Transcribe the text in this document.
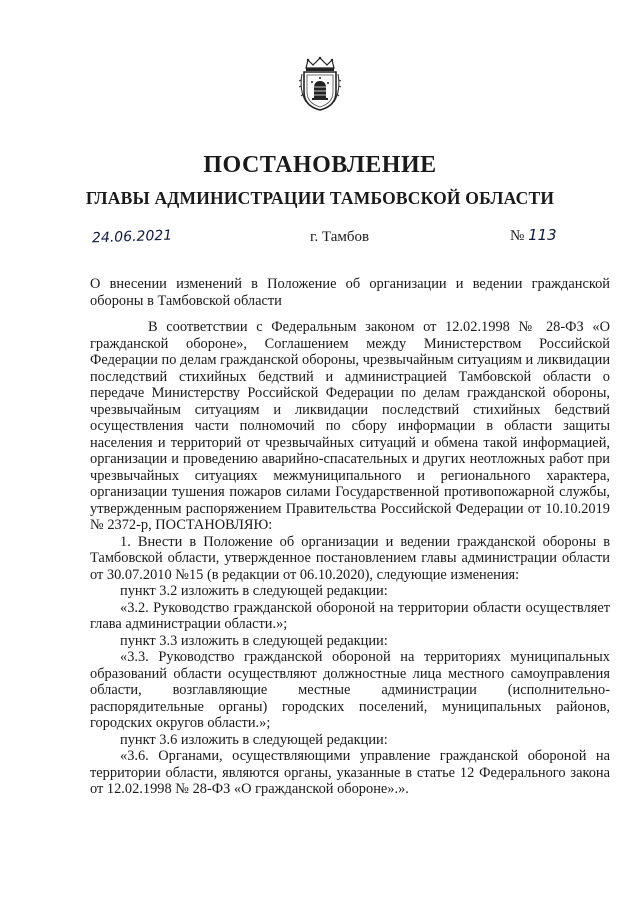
ПОСТАНОВЛЕНИЕ
ГЛАВЫ АДМИНИСТРАЦИИ ТАМБОВСКОЙ ОБЛАСТИ
24.06.2021	г. Тамбов	№ 113

О внесении изменений в Положение об организации и ведении гражданской обороны в Тамбовской области

В соответствии с Федеральным законом от 12.02.1998 № 28-ФЗ «О гражданской обороне», Соглашением между Министерством Российской Федерации по делам гражданской обороны, чрезвычайным ситуациям и ликвидации последствий стихийных бедствий и администрацией Тамбовской области о передаче Министерству Российской Федерации по делам гражданской обороны, чрезвычайным ситуациям и ликвидации последствий стихийных бедствий осуществления части полномочий по сбору информации в области защиты населения и территорий от чрезвычайных ситуаций и обмена такой информацией, организации и проведению аварийно-спасательных и других неотложных работ при чрезвычайных ситуациях межмуниципального и регионального характера, организации тушения пожаров силами Государственной противопожарной службы, утвержденным распоряжением Правительства Российской Федерации от 10.10.2019 № 2372-р, ПОСТАНОВЛЯЮ:

1. Внести в Положение об организации и ведении гражданской обороны в Тамбовской области, утвержденное постановлением главы администрации области от 30.07.2010 №15 (в редакции от 06.10.2020), следующие изменения:

пункт 3.2 изложить в следующей редакции:

«3.2. Руководство гражданской обороной на территории области осуществляет глава администрации области.»;

пункт 3.3 изложить в следующей редакции:

«3.3. Руководство гражданской обороной на территориях муниципальных образований области осуществляют должностные лица местного самоуправления области, возглавляющие местные администрации (исполнительно-распорядительные органы) городских поселений, муниципальных районов, городских округов области.»;

пункт 3.6 изложить в следующей редакции:

«3.6. Органами, осуществляющими управление гражданской обороной на территории области, являются органы, указанные в статье 12 Федерального закона от 12.02.1998 № 28-ФЗ «О гражданской обороне».».
